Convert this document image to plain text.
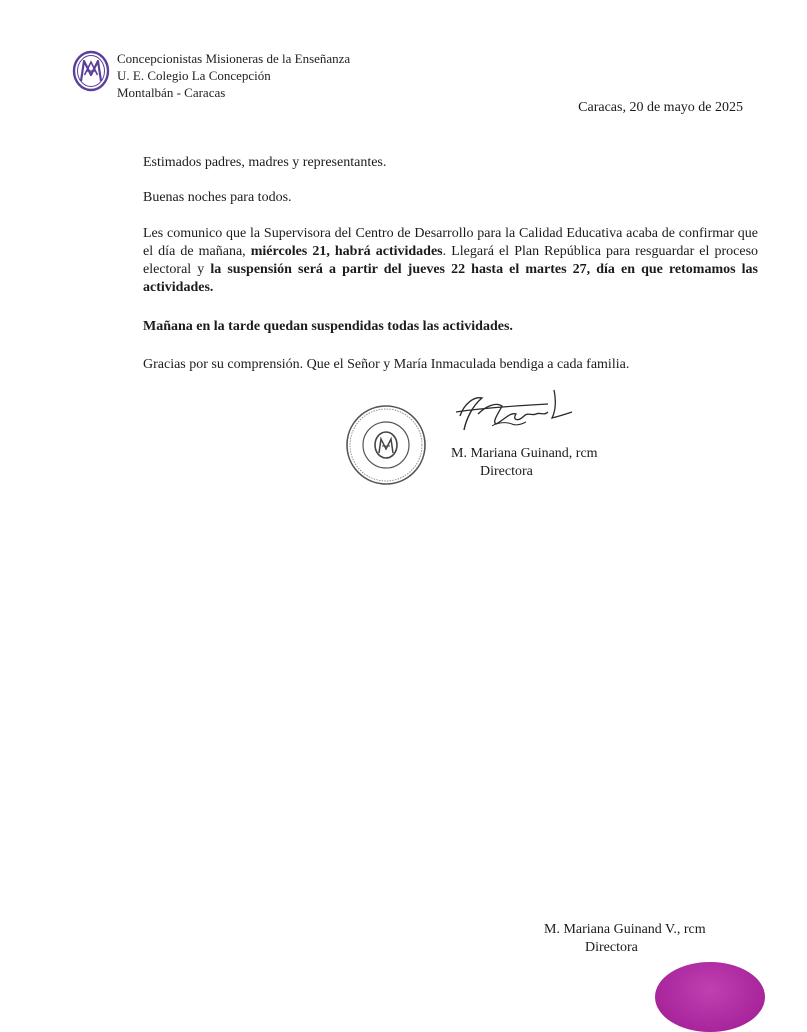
Concepcionistas Misioneras de la Enseñanza
U. E. Colegio La Concepción
Montalbán - Caracas
Caracas, 20 de mayo de 2025
Estimados padres, madres y representantes.
Buenas noches para todos.
Les comunico que la Supervisora del Centro de Desarrollo para la Calidad Educativa acaba de confirmar que el día de mañana, miércoles 21, habrá actividades. Llegará el Plan República para resguardar el proceso electoral y la suspensión será a partir del jueves 22 hasta el martes 27, día en que retomamos las actividades.
Mañana en la tarde quedan suspendidas todas las actividades.
Gracias por su comprensión. Que el Señor y María Inmaculada bendiga a cada familia.
M. Mariana Guinand, rcm
Directora
M. Mariana Guinand V., rcm
Directora
